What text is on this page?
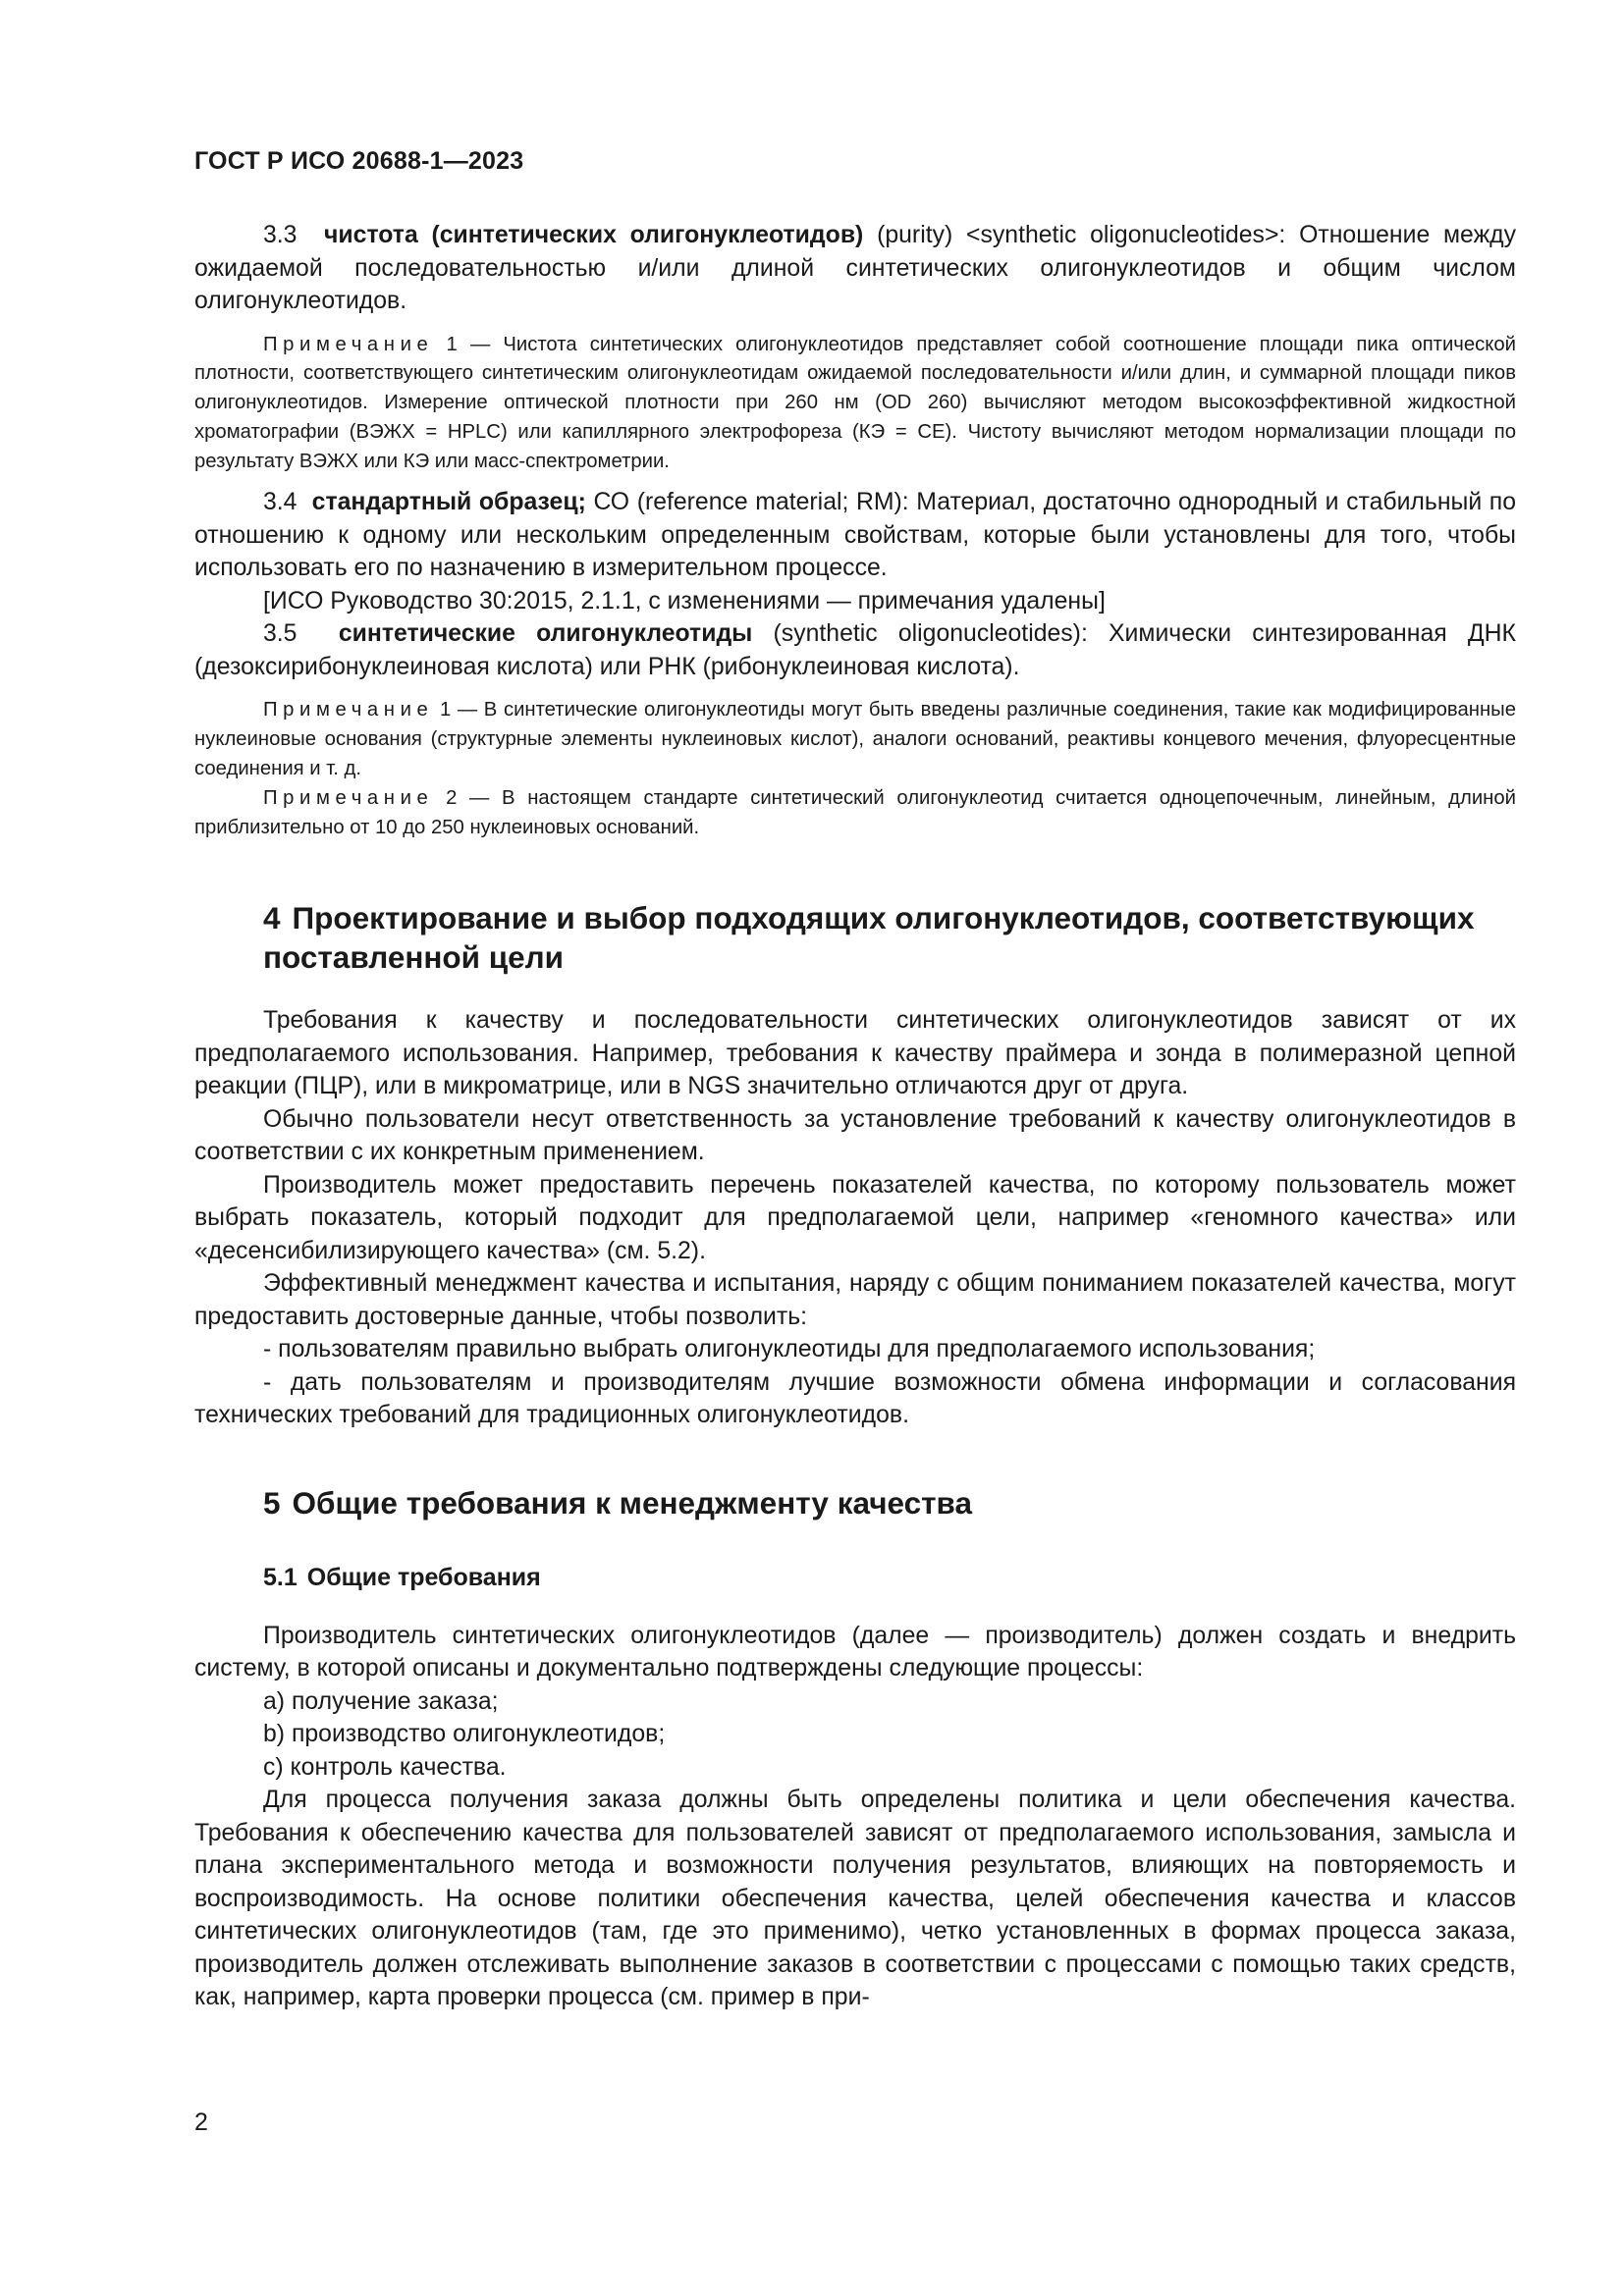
ГОСТ Р ИСО 20688-1—2023

3.3 чистота (синтетических олигонуклеотидов) (purity) <synthetic oligonucleotides>: Отношение между ожидаемой последовательностью и/или длиной синтетических олигонуклеотидов и общим числом олигонуклеотидов.

Примечание 1 — Чистота синтетических олигонуклеотидов представляет собой соотношение площади пика оптической плотности, соответствующего синтетическим олигонуклеотидам ожидаемой последовательности и/или длин, и суммарной площади пиков олигонуклеотидов. Измерение оптической плотности при 260 нм (OD 260) вычисляют методом высокоэффективной жидкостной хроматографии (ВЭЖХ = HPLC) или капиллярного электрофореза (КЭ = СЕ). Чистоту вычисляют методом нормализации площади по результату ВЭЖХ или КЭ или масс-спектрометрии.

3.4 стандартный образец; СО (reference material; RM): Материал, достаточно однородный и стабильный по отношению к одному или нескольким определенным свойствам, которые были установлены для того, чтобы использовать его по назначению в измерительном процессе.

[ИСО Руководство 30:2015, 2.1.1, с изменениями — примечания удалены]

3.5 синтетические олигонуклеотиды (synthetic oligonucleotides): Химически синтезированная ДНК (дезоксирибонуклеиновая кислота) или РНК (рибонуклеиновая кислота).

Примечание 1 — В синтетические олигонуклеотиды могут быть введены различные соединения, такие как модифицированные нуклеиновые основания (структурные элементы нуклеиновых кислот), аналоги оснований, реактивы концевого мечения, флуоресцентные соединения и т. д.

Примечание 2 — В настоящем стандарте синтетический олигонуклеотид считается одноцепочечным, линейным, длиной приблизительно от 10 до 250 нуклеиновых оснований.

4 Проектирование и выбор подходящих олигонуклеотидов, соответствующих поставленной цели

Требования к качеству и последовательности синтетических олигонуклеотидов зависят от их предполагаемого использования. Например, требования к качеству праймера и зонда в полимеразной цепной реакции (ПЦР), или в микроматрице, или в NGS значительно отличаются друг от друга.

Обычно пользователи несут ответственность за установление требований к качеству олигонуклеотидов в соответствии с их конкретным применением.

Производитель может предоставить перечень показателей качества, по которому пользователь может выбрать показатель, который подходит для предполагаемой цели, например «геномного качества» или «десенсибилизирующего качества» (см. 5.2).

Эффективный менеджмент качества и испытания, наряду с общим пониманием показателей качества, могут предоставить достоверные данные, чтобы позволить:

- пользователям правильно выбрать олигонуклеотиды для предполагаемого использования;

- дать пользователям и производителям лучшие возможности обмена информации и согласования технических требований для традиционных олигонуклеотидов.

5 Общие требования к менеджменту качества
5.1 Общие требования

Производитель синтетических олигонуклеотидов (далее — производитель) должен создать и внедрить систему, в которой описаны и документально подтверждены следующие процессы:

a) получение заказа;

b) производство олигонуклеотидов;

c) контроль качества.

Для процесса получения заказа должны быть определены политика и цели обеспечения качества. Требования к обеспечению качества для пользователей зависят от предполагаемого использования, замысла и плана экспериментального метода и возможности получения результатов, влияющих на повторяемость и воспроизводимость. На основе политики обеспечения качества, целей обеспечения качества и классов синтетических олигонуклеотидов (там, где это применимо), четко установленных в формах процесса заказа, производитель должен отслеживать выполнение заказов в соответствии с процессами с помощью таких средств, как, например, карта проверки процесса (см. пример в при-

2
